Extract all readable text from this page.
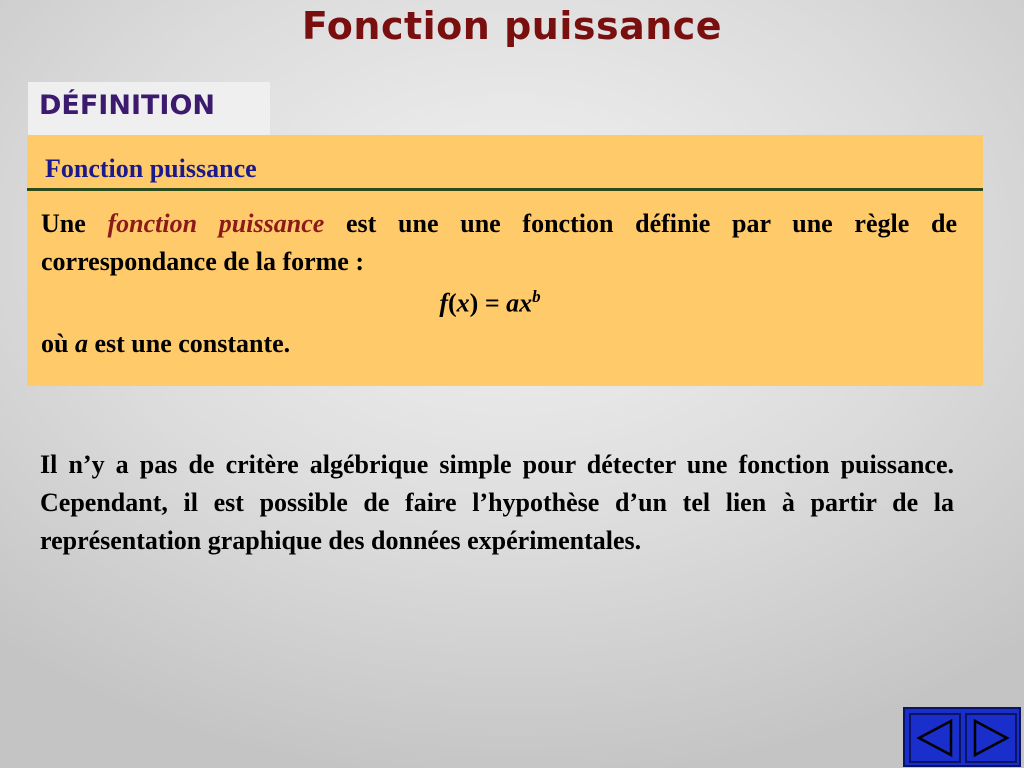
Fonction puissance
DÉFINITION
Fonction puissance
Une fonction puissance est une une fonction définie par une règle de correspondance de la forme :
$f(x) = ax^b$
où a est une constante.

Il n’y a pas de critère algébrique simple pour détecter une fonction puissance. Cependant, il est possible de faire l’hypothèse d’un tel lien à partir de la représentation graphique des données expérimentales.
